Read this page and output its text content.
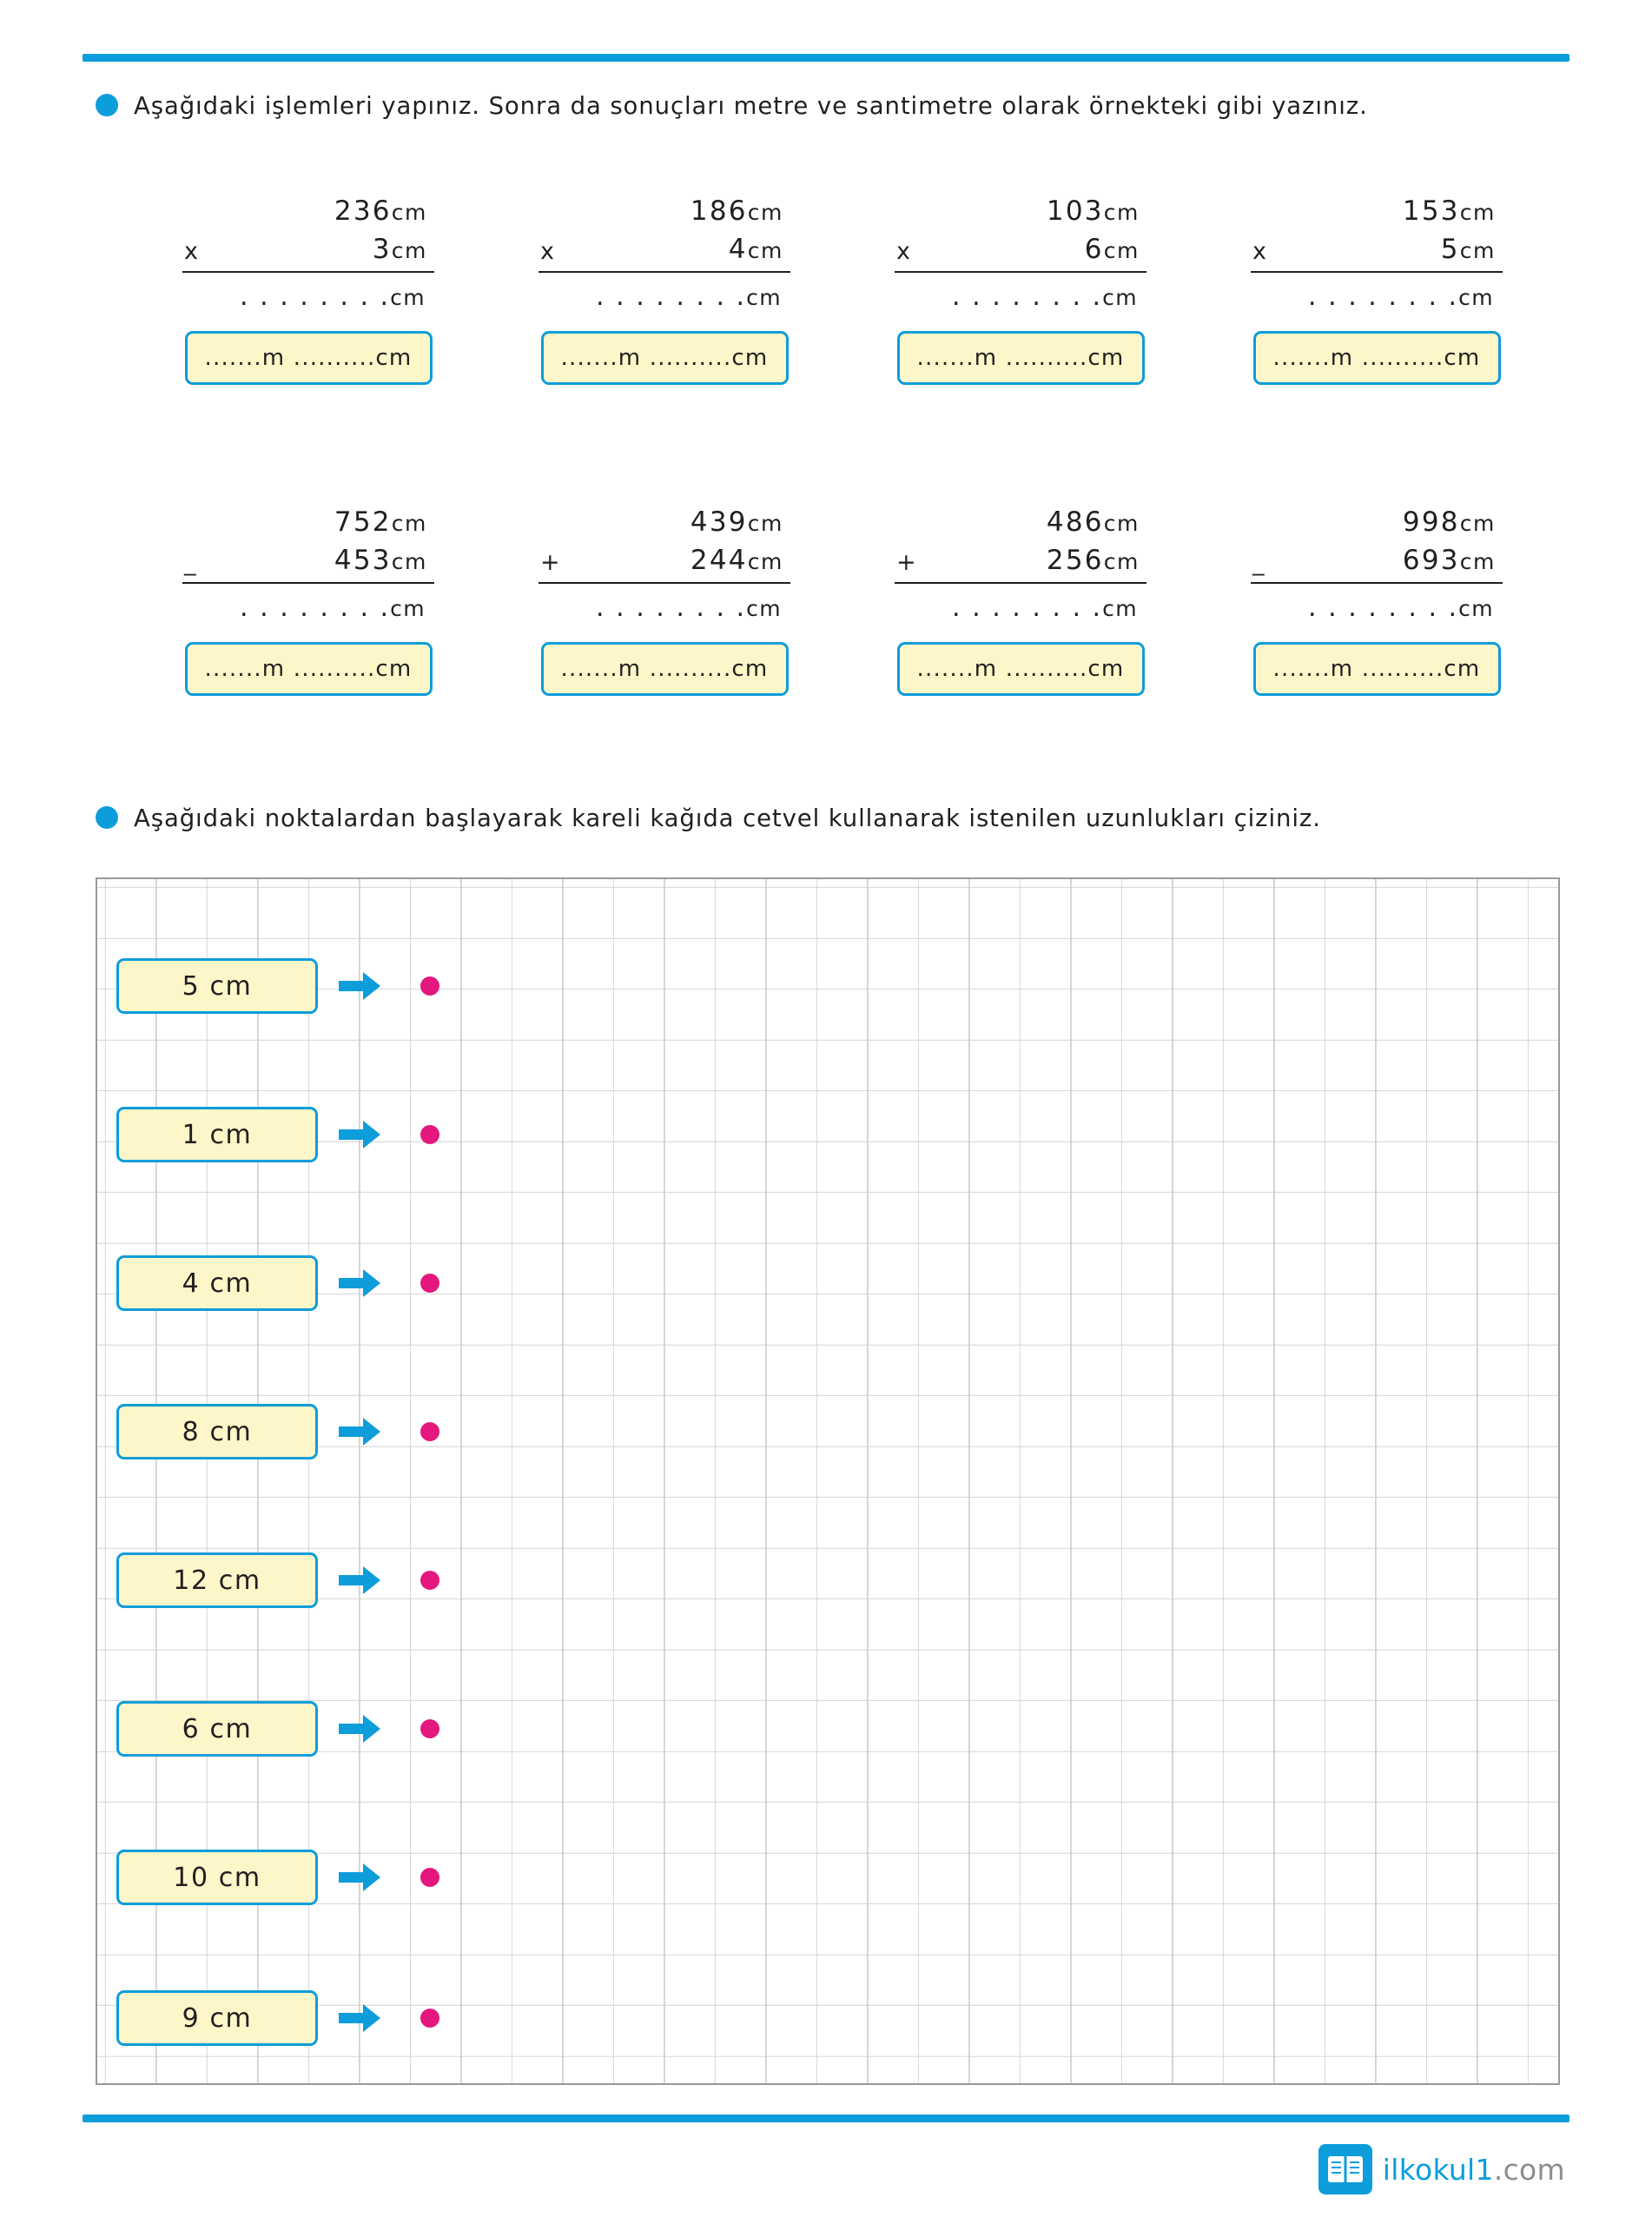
Aşağıdaki işlemleri yapınız. Sonra da sonuçları metre ve santimetre olarak örnekteki gibi yazınız.
236cm
x	3cm
. . . . . . . .cm
.......m ..........cm
186cm
x	4cm
. . . . . . . .cm
.......m ..........cm
103cm
x	6cm
. . . . . . . .cm
.......m ..........cm
153cm
x	5cm
. . . . . . . .cm
.......m ..........cm
752cm
_	453cm
. . . . . . . .cm
.......m ..........cm
439cm
+	244cm
. . . . . . . .cm
.......m ..........cm
486cm
+	256cm
. . . . . . . .cm
.......m ..........cm
998cm
_	693cm
. . . . . . . .cm
.......m ..........cm
Aşağıdaki noktalardan başlayarak kareli kağıda cetvel kullanarak istenilen uzunlukları çiziniz.
5 cm
1 cm
4 cm
8 cm
12 cm
6 cm
10 cm
9 cm
ilkokul1.com
